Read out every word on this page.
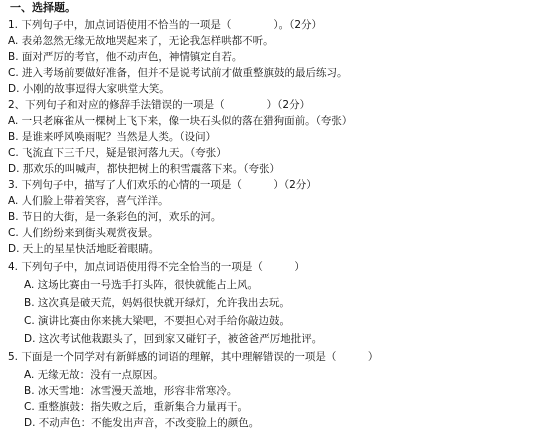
一、选择题。
1. 下列句子中，加点词语使用不恰当的一项是（　　　　）。（2分）
A. 表弟忽然无缘无故地哭起来了，无论我怎样哄都不听。
B. 面对严厉的考官，他不动声色，神情镇定自若。
C. 进入考场前要做好准备，但并不是说考试前才做重整旗鼓的最后练习。
D. 小刚的故事逗得大家哄堂大笑。
2、下列句子和对应的修辞手法错误的一项是（　　　　）（2分）
A. 一只老麻雀从一棵树上飞下来，像一块石头似的落在猎狗面前。（夸张）
B. 是谁来呼风唤雨呢？当然是人类。（设问）
C. 飞流直下三千尺，疑是银河落九天。（夸张）
D. 那欢乐的叫喊声，都快把树上的积雪震落下来。（夸张）
3. 下列句子中，描写了人们欢乐的心情的一项是（　　　）（2分）
A. 人们脸上带着笑容，喜气洋洋。
B. 节日的大街，是一条彩色的河，欢乐的河。
C. 人们纷纷来到街头观赏夜景。
D. 天上的星星快活地眨着眼睛。
4. 下列句子中，加点词语使用得不完全恰当的一项是（　　　）
A. 这场比赛由一号选手打头阵，很快就能占上风。
B. 这次真是破天荒，妈妈很快就开绿灯，允许我出去玩。
C. 演讲比赛由你来挑大梁吧，不要担心对手给你敲边鼓。
D. 这次考试他栽跟头了，回到家又碰钉子，被爸爸严厉地批评。
5. 下面是一个同学对有新鲜感的词语的理解，其中理解错误的一项是（　　　）
A. 无缘无故：没有一点原因。
B. 冰天雪地：冰雪漫天盖地，形容非常寒冷。
C. 重整旗鼓：指失败之后，重新集合力量再干。
D. 不动声色：不能发出声音，不改变脸上的颜色。
